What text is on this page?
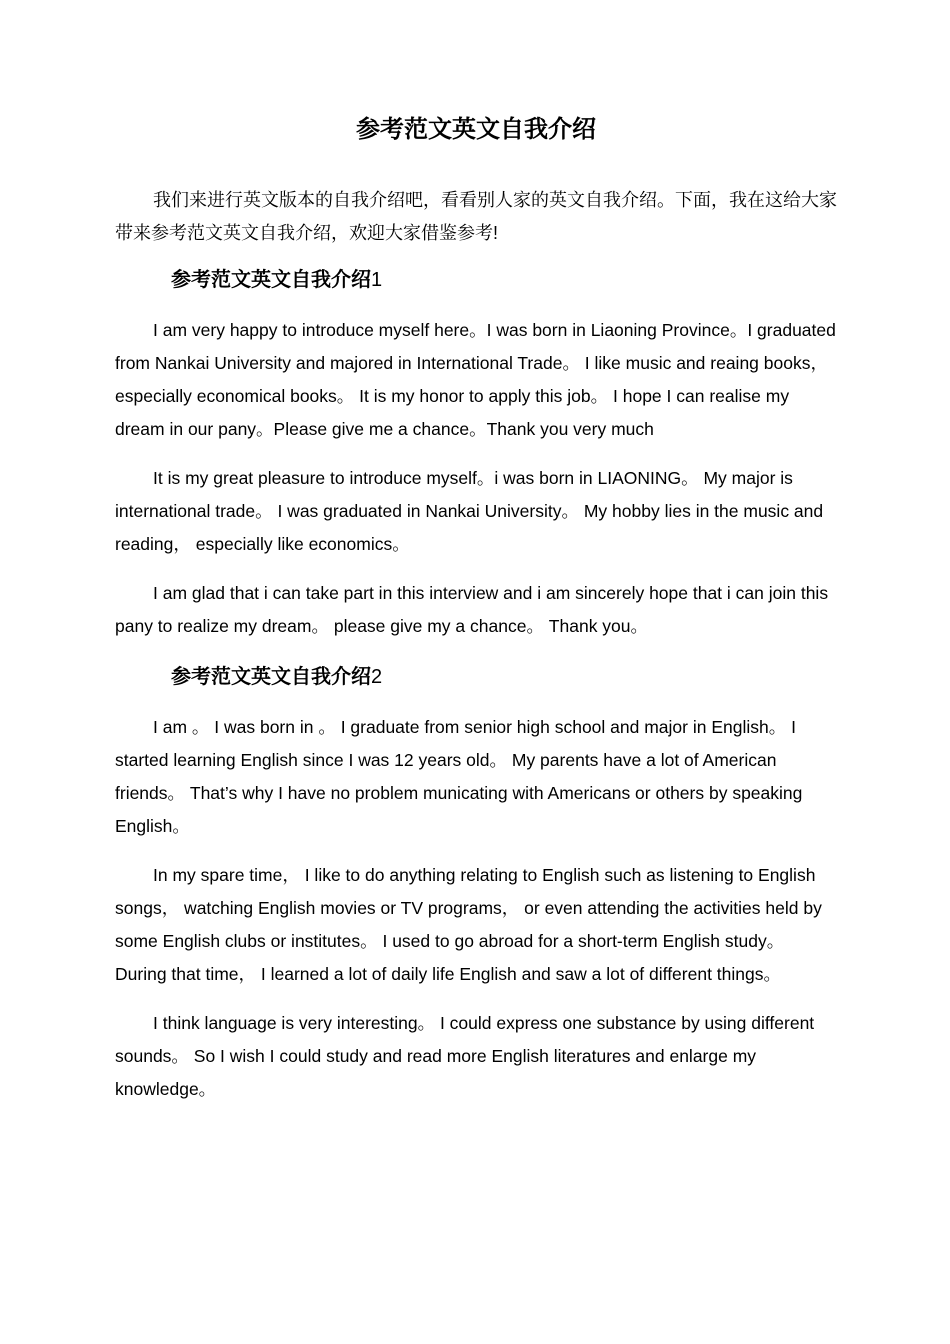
参考范文英文自我介绍

我们来进行英文版本的自我介绍吧，看看别人家的英文自我介绍。下面，我在这给大家带来参考范文英文自我介绍，欢迎大家借鉴参考!

参考范文英文自我介绍1

I am very happy to introduce myself here。I was born in Liaoning Province。I graduated from Nankai University and majored in International Trade。 I like music and reaing books，especially economical books。 It is my honor to apply this job。 I hope I can realise my dream in our pany。Please give me a chance。Thank you very much

It is my great pleasure to introduce myself。i was born in LIAONING。 My major is international trade。 I was graduated in Nankai University。 My hobby lies in the music and reading， especially like economics。

I am glad that i can take part in this interview and i am sincerely hope that i can join this pany to realize my dream。 please give my a chance。 Thank you。

参考范文英文自我介绍2

I am 。 I was born in 。 I graduate from senior high school and major in English。 I started learning English since I was 12 years old。 My parents have a lot of American friends。 That’s why I have no problem municating with Americans or others by speaking English。

In my spare time， I like to do anything relating to English such as listening to English songs， watching English movies or TV programs， or even attending the activities held by some English clubs or institutes。 I used to go abroad for a short-term English study。 During that time， I learned a lot of daily life English and saw a lot of different things。

I think language is very interesting。 I could express one substance by using different sounds。 So I wish I could study and read more English literatures and enlarge my knowledge。
